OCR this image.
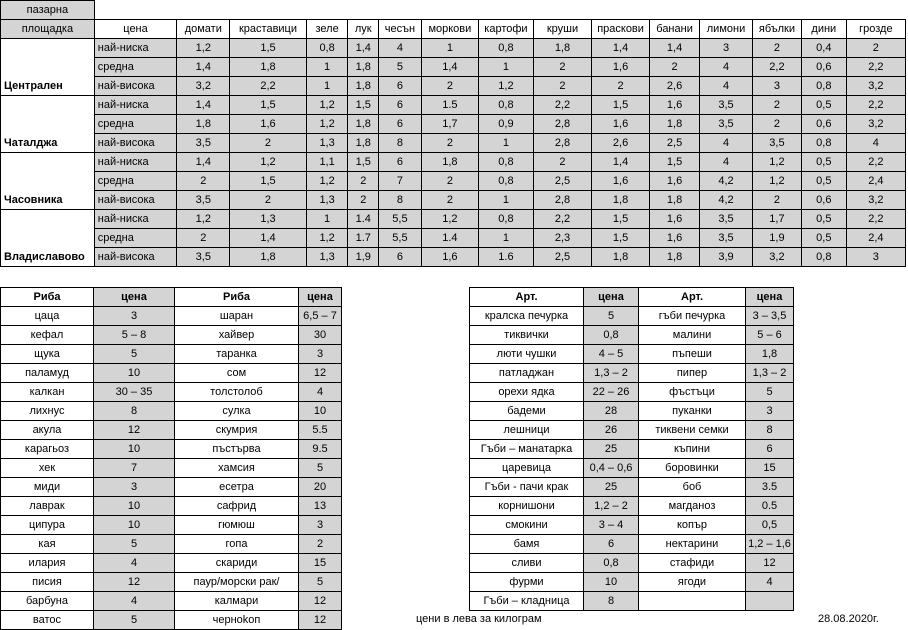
пазарна															
площадка	цена	домати	краставици	зеле	лук	чесън	моркови	картофи	круши	праскови	банани	лимони	ябълки	дини	грозде
Централен	най-ниска	1,2	1,5	0,8	1,4	4	1	0,8	1,8	1,4	1,4	3	2	0,4	2
	средна	1,4	1,8	1	1,8	5	1,4	1	2	1,6	2	4	2,2	0,6	2,2
	най-висока	3,2	2,2	1	1,8	6	2	1,2	2	2	2,6	4	3	0,8	3,2
Чаталджа	най-ниска	1,4	1,5	1,2	1,5	6	1.5	0,8	2,2	1,5	1,6	3,5	2	0,5	2,2
	средна	1,8	1,6	1,2	1,8	6	1,7	0,9	2,8	1,6	1,8	3,5	2	0,6	3,2
	най-висока	3,5	2	1,3	1,8	8	2	1	2,8	2,6	2,5	4	3,5	0,8	4
Часовника	най-ниска	1,4	1,2	1,1	1,5	6	1,8	0,8	2	1,4	1,5	4	1,2	0,5	2,2
	средна	2	1,5	1,2	2	7	2	0,8	2,5	1,6	1,6	4,2	1,2	0,5	2,4
	най-висока	3,5	2	1,3	2	8	2	1	2,8	1,8	1,8	4,2	2	0,6	3,2
Владиславово	най-ниска	1,2	1,3	1	1.4	5,5	1,2	0,8	2,2	1,5	1,6	3,5	1,7	0,5	2,2
	средна	2	1,4	1,2	1.7	5,5	1.4	1	2,3	1,5	1,6	3,5	1,9	0,5	2,4
	най-висока	3,5	1,8	1,3	1,9	6	1,6	1.6	2,5	1,8	1,8	3,9	3,2	0,8	3
Риба	цена	Риба	цена
цаца	3	шаран	6,5 – 7
кефал	5 – 8	хайвер	30
щука	5	таранка	3
паламуд	10	сом	12
калкан	30 – 35	толстолоб	4
лихнус	8	сулка	10
акула	12	скумрия	5.5
карагьоз	10	пъстърва	9.5
хек	7	хамсия	5
миди	3	есетра	20
лаврак	10	сафрид	13
ципура	10	гюмюш	3
кая	5	гопа	2
илария	4	скариди	15
писия	12	паур/морски рак/	5
барбуна	4	калмари	12
ватос	5	черноkоп	12
Арт.	цена	Арт.	цена
кралска печурка	5	гъби печурка	3 – 3,5
тиквички	0,8	малини	5 – 6
люти чушки	4 – 5	пъпеши	1,8
патладжан	1,3 – 2	пипер	1,3 – 2
орехи ядка	22 – 26	фъстъци	5
бадеми	28	пуканки	3
лешници	26	тиквени семки	8
Гъби – манатарка	25	къпини	6
царевица	0,4 – 0,6	боровинки	15
Гъби - пачи крак	25	боб	3.5
корнишони	1,2 – 2	магданоз	0.5
смокини	3 – 4	копър	0,5
бамя	6	нектарини	1,2 – 1,6
сливи	0,8	стафиди	12
фурми	10	ягоди	4
Гъби – кладница	8		
цени в лева за килограм	28.08.2020г.
